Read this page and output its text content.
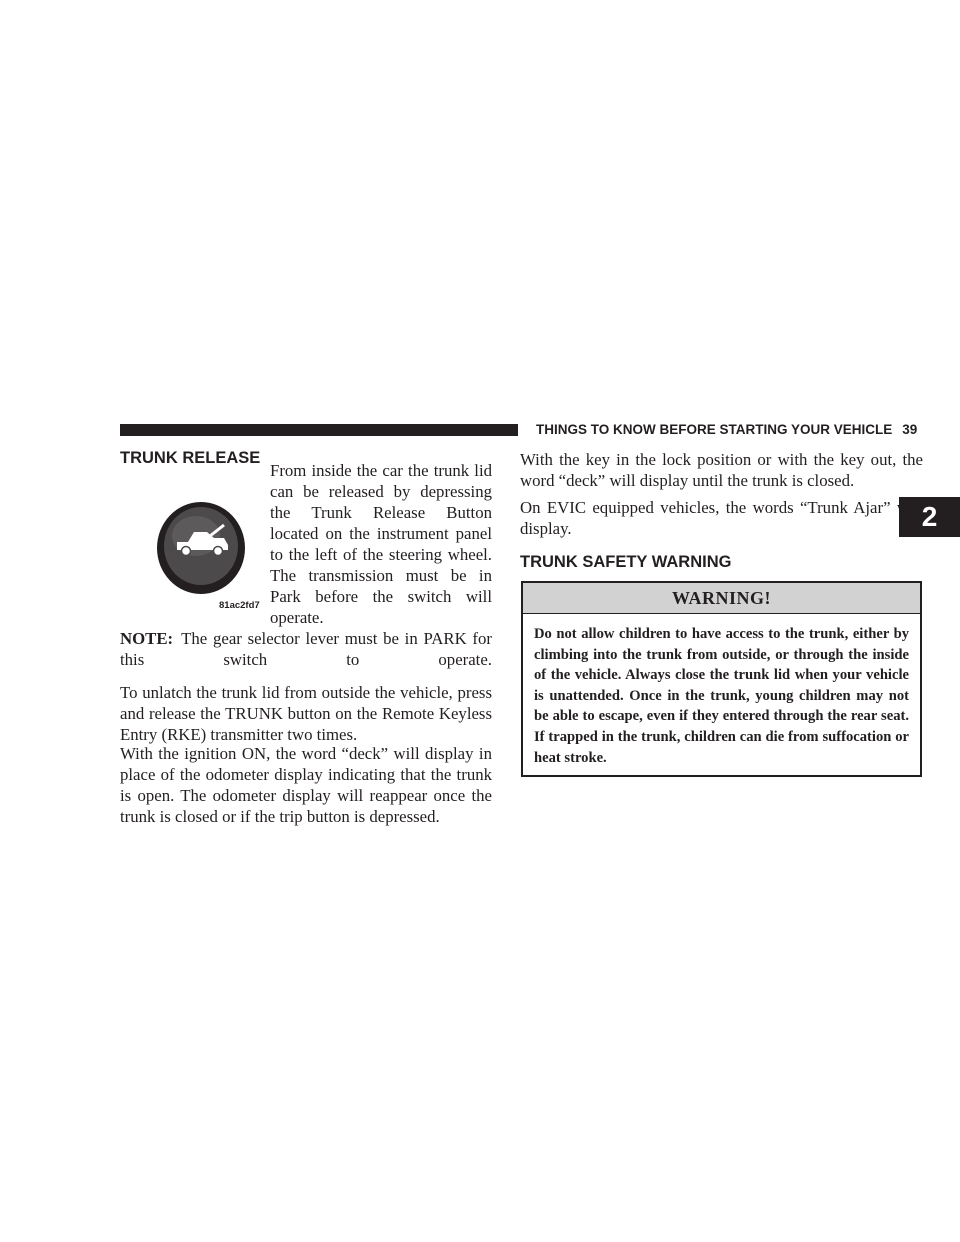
THINGS TO KNOW BEFORE STARTING YOUR VEHICLE 39
2
TRUNK RELEASE
81ac2fd7

From inside the car the trunk lid can be released by depressing the Trunk Release Button located on the instrument panel to the left of the steering wheel. The transmission must be in Park before the switch will operate.

NOTE: The gear selector lever must be in PARK for this switch to operate.

To unlatch the trunk lid from outside the vehicle, press and release the TRUNK button on the Remote Keyless Entry (RKE) transmitter two times.

With the ignition ON, the word “deck” will display in place of the odometer display indicating that the trunk is open. The odometer display will reappear once the trunk is closed or if the trip button is depressed.

With the key in the lock position or with the key out, the word “deck” will display until the trunk is closed.

On EVIC equipped vehicles, the words “Trunk Ajar” will display.

TRUNK SAFETY WARNING
WARNING!

Do not allow children to have access to the trunk, either by climbing into the trunk from outside, or through the inside of the vehicle. Always close the trunk lid when your vehicle is unattended. Once in the trunk, young children may not be able to escape, even if they entered through the rear seat. If trapped in the trunk, children can die from suffocation or heat stroke.
